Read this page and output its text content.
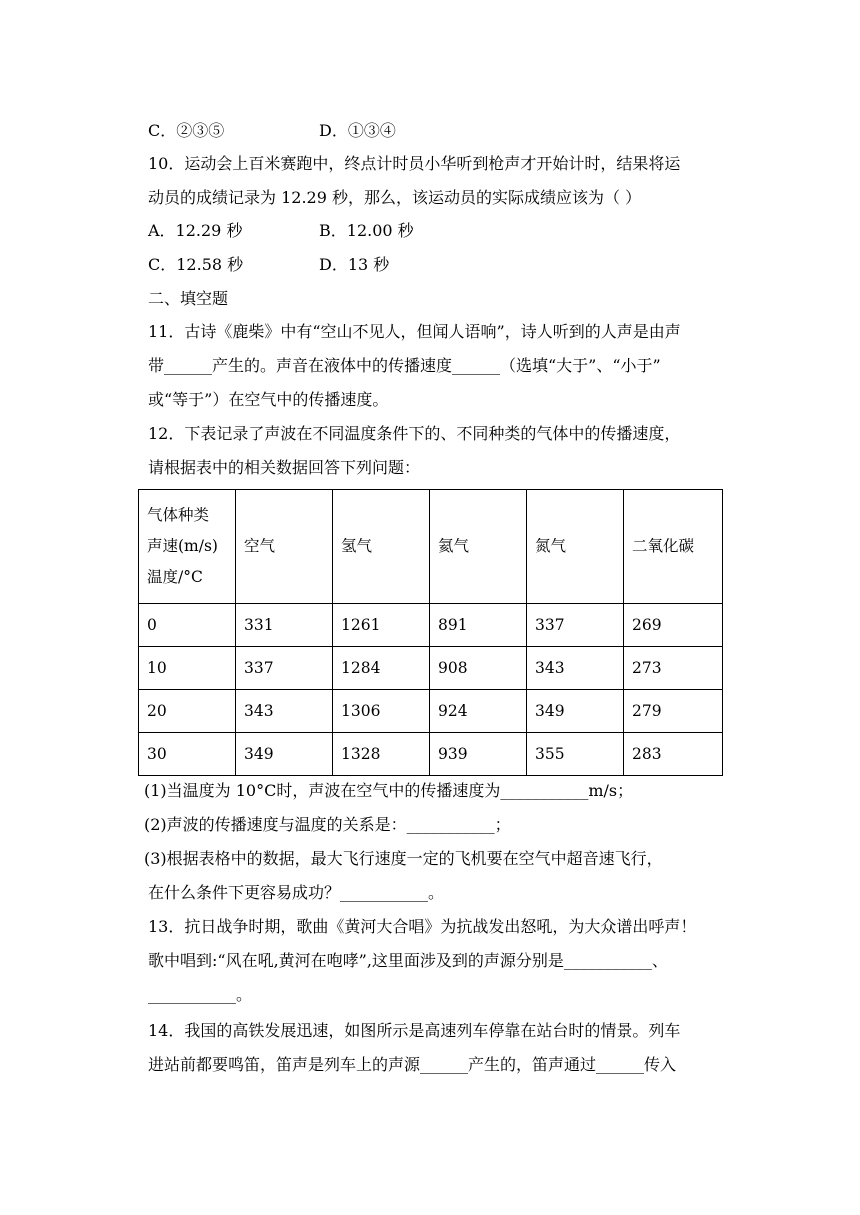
C．②③⑤	D．①③④
10．运动会上百米赛跑中，终点计时员小华听到枪声才开始计时，结果将运
动员的成绩记录为 12.29 秒，那么，该运动员的实际成绩应该为（ ）
A．12.29 秒	B．12.00 秒
C．12.58 秒	D．13 秒
二、填空题
11．古诗《鹿柴》中有“空山不见人，但闻人语响”，诗人听到的人声是由声
带______产生的。声音在液体中的传播速度______（选填“大于”、“小于”
或“等于”）在空气中的传播速度。
12．下表记录了声波在不同温度条件下的、不同种类的气体中的传播速度，
请根据表中的相关数据回答下列问题：
气体种类
声速(m/s)
温度/°C	空气	氢气	氦气	氮气	二氧化碳
0	331	1261	891	337	269
10	337	1284	908	343	273
20	343	1306	924	349	279
30	349	1328	939	355	283
(1)当温度为 10°C时，声波在空气中的传播速度为___________m/s；
(2)声波的传播速度与温度的关系是：___________；
(3)根据表格中的数据，最大飞行速度一定的飞机要在空气中超音速飞行，
在什么条件下更容易成功？___________。
13．抗日战争时期，歌曲《黄河大合唱》为抗战发出怒吼，为大众谱出呼声！
歌中唱到:“风在吼,黄河在咆哮”,这里面涉及到的声源分别是___________、
___________。
14．我国的高铁发展迅速，如图所示是高速列车停靠在站台时的情景。列车
进站前都要鸣笛，笛声是列车上的声源______产生的，笛声通过______传入
